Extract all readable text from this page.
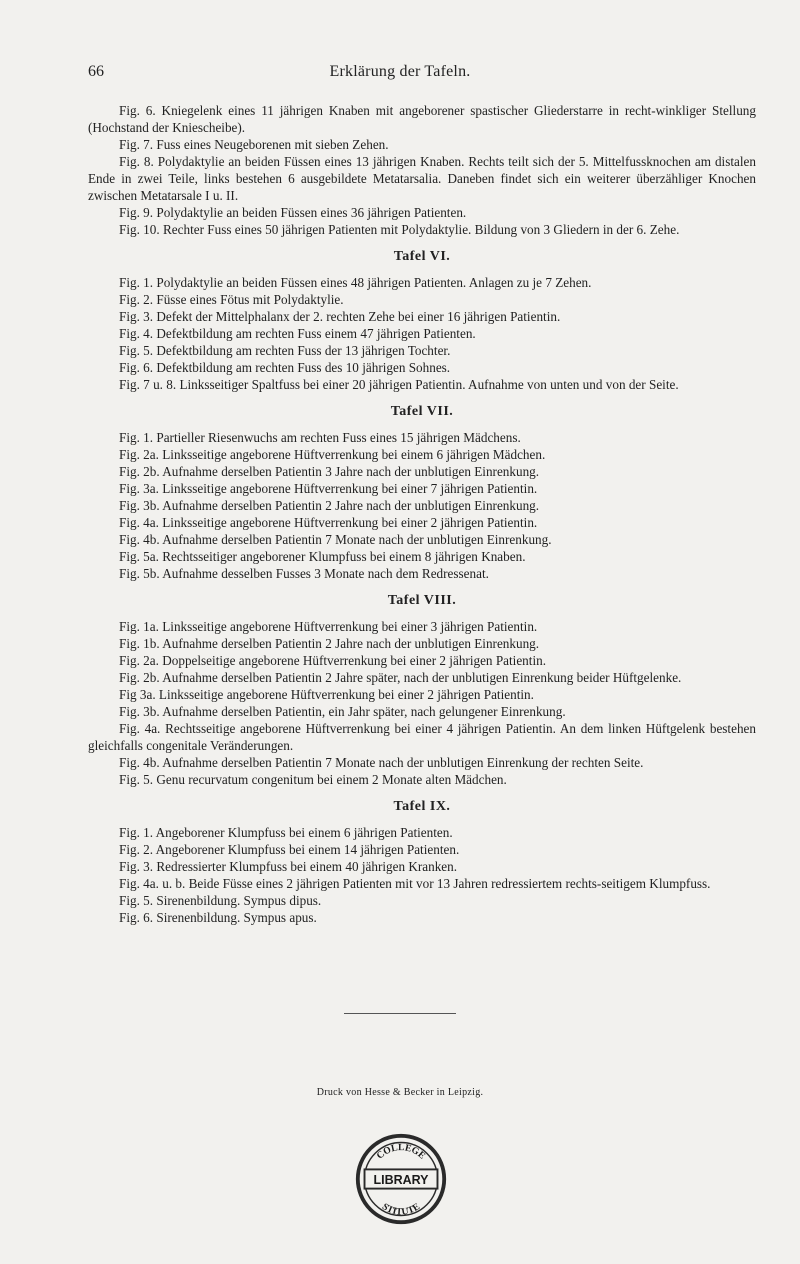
66	Erklärung der Tafeln.

Fig. 6. Kniegelenk eines 11 jährigen Knaben mit angeborener spastischer Gliederstarre in recht-winkliger Stellung (Hochstand der Kniescheibe).

Fig. 7. Fuss eines Neugeborenen mit sieben Zehen.

Fig. 8. Polydaktylie an beiden Füssen eines 13 jährigen Knaben. Rechts teilt sich der 5. Mittelfussknochen am distalen Ende in zwei Teile, links bestehen 6 ausgebildete Metatarsalia. Daneben findet sich ein weiterer überzähliger Knochen zwischen Metatarsale I u. II.

Fig. 9. Polydaktylie an beiden Füssen eines 36 jährigen Patienten.

Fig. 10. Rechter Fuss eines 50 jährigen Patienten mit Polydaktylie. Bildung von 3 Gliedern in der 6. Zehe.

Tafel VI.

Fig. 1. Polydaktylie an beiden Füssen eines 48 jährigen Patienten. Anlagen zu je 7 Zehen.

Fig. 2. Füsse eines Fötus mit Polydaktylie.

Fig. 3. Defekt der Mittelphalanx der 2. rechten Zehe bei einer 16 jährigen Patientin.

Fig. 4. Defektbildung am rechten Fuss einem 47 jährigen Patienten.

Fig. 5. Defektbildung am rechten Fuss der 13 jährigen Tochter.

Fig. 6. Defektbildung am rechten Fuss des 10 jährigen Sohnes.

Fig. 7 u. 8. Linksseitiger Spaltfuss bei einer 20 jährigen Patientin. Aufnahme von unten und von der Seite.

Tafel VII.

Fig. 1. Partieller Riesenwuchs am rechten Fuss eines 15 jährigen Mädchens.

Fig. 2a. Linksseitige angeborene Hüftverrenkung bei einem 6 jährigen Mädchen.

Fig. 2b. Aufnahme derselben Patientin 3 Jahre nach der unblutigen Einrenkung.

Fig. 3a. Linksseitige angeborene Hüftverrenkung bei einer 7 jährigen Patientin.

Fig. 3b. Aufnahme derselben Patientin 2 Jahre nach der unblutigen Einrenkung.

Fig. 4a. Linksseitige angeborene Hüftverrenkung bei einer 2 jährigen Patientin.

Fig. 4b. Aufnahme derselben Patientin 7 Monate nach der unblutigen Einrenkung.

Fig. 5a. Rechtsseitiger angeborener Klumpfuss bei einem 8 jährigen Knaben.

Fig. 5b. Aufnahme desselben Fusses 3 Monate nach dem Redressenat.

Tafel VIII.

Fig. 1a. Linksseitige angeborene Hüftverrenkung bei einer 3 jährigen Patientin.

Fig. 1b. Aufnahme derselben Patientin 2 Jahre nach der unblutigen Einrenkung.

Fig. 2a. Doppelseitige angeborene Hüftverrenkung bei einer 2 jährigen Patientin.

Fig. 2b. Aufnahme derselben Patientin 2 Jahre später, nach der unblutigen Einrenkung beider Hüftgelenke.

Fig 3a. Linksseitige angeborene Hüftverrenkung bei einer 2 jährigen Patientin.

Fig. 3b. Aufnahme derselben Patientin, ein Jahr später, nach gelungener Einrenkung.

Fig. 4a. Rechtsseitige angeborene Hüftverrenkung bei einer 4 jährigen Patientin. An dem linken Hüftgelenk bestehen gleichfalls congenitale Veränderungen.

Fig. 4b. Aufnahme derselben Patientin 7 Monate nach der unblutigen Einrenkung der rechten Seite.

Fig. 5. Genu recurvatum congenitum bei einem 2 Monate alten Mädchen.

Tafel IX.

Fig. 1. Angeborener Klumpfuss bei einem 6 jährigen Patienten.

Fig. 2. Angeborener Klumpfuss bei einem 14 jährigen Patienten.

Fig. 3. Redressierter Klumpfuss bei einem 40 jährigen Kranken.

Fig. 4a. u. b. Beide Füsse eines 2 jährigen Patienten mit vor 13 Jahren redressiertem rechts-seitigem Klumpfuss.

Fig. 5. Sirenenbildung. Sympus dipus.

Fig. 6. Sirenenbildung. Sympus apus.

Druck von Hesse & Becker in Leipzig.
LIBRARY
COLLEGE
STITUTE
